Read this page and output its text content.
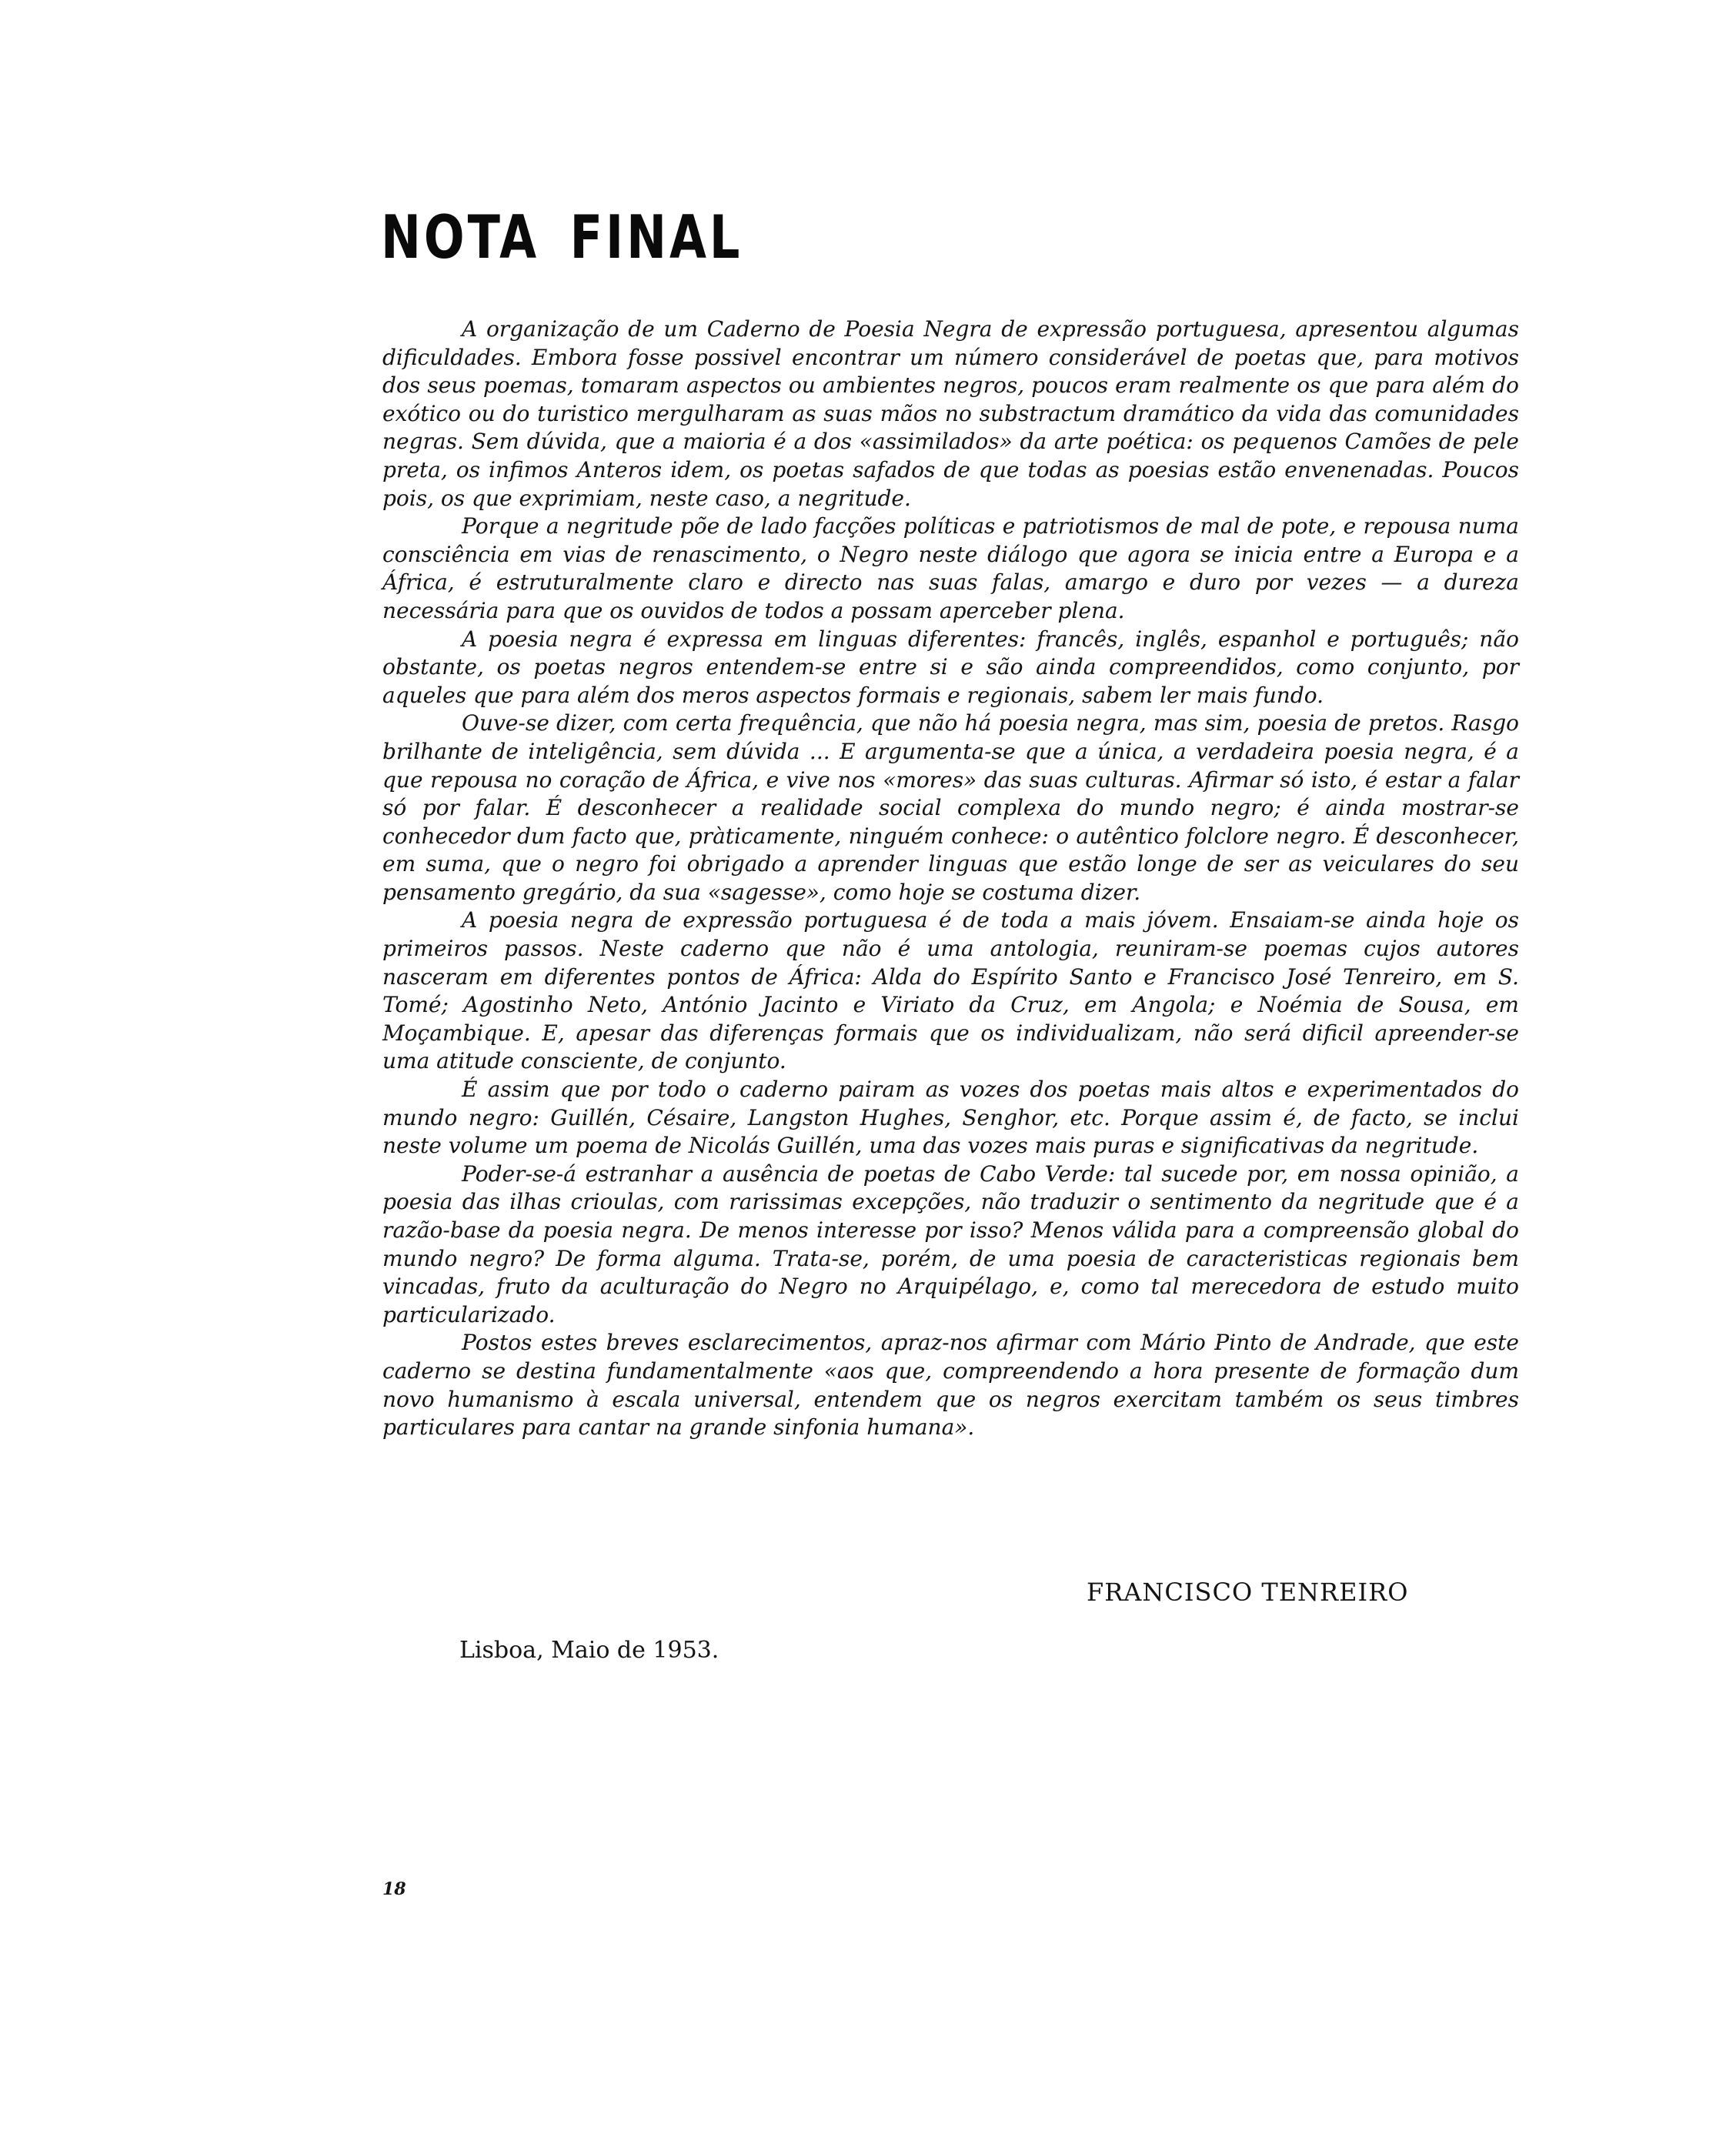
NOTA FINAL

A organização de um Caderno de Poesia Negra de expressão portuguesa, apresentou algumas dificuldades. Embora fosse possivel encontrar um número considerável de poetas que, para motivos dos seus poemas, tomaram aspectos ou ambientes negros, poucos eram realmente os que para além do exótico ou do turistico mergulharam as suas mãos no substractum dramático da vida das comunidades negras. Sem dúvida, que a maioria é a dos «assimilados» da arte poética: os pequenos Camões de pele preta, os infimos Anteros idem, os poetas safados de que todas as poesias estão envenenadas. Poucos pois, os que exprimiam, neste caso, a negritude.

Porque a negritude põe de lado facções políticas e patriotismos de mal de pote, e repousa numa consciência em vias de renascimento, o Negro neste diálogo que agora se inicia entre a Europa e a África, é estruturalmente claro e directo nas suas falas, amargo e duro por vezes — a dureza necessária para que os ouvidos de todos a possam aperceber plena.

A poesia negra é expressa em linguas diferentes: francês, inglês, espanhol e português; não obstante, os poetas negros entendem-se entre si e são ainda compreendidos, como conjunto, por aqueles que para além dos meros aspectos formais e regionais, sabem ler mais fundo.

Ouve-se dizer, com certa frequência, que não há poesia negra, mas sim, poesia de pretos. Rasgo brilhante de inteligência, sem dúvida ... E argumenta-se que a única, a verdadeira poesia negra, é a que repousa no coração de África, e vive nos «mores» das suas culturas. Afirmar só isto, é estar a falar só por falar. É desconhecer a realidade social complexa do mundo negro; é ainda mostrar-se conhecedor dum facto que, pràticamente, ninguém conhece: o autêntico folclore negro. É desconhecer, em suma, que o negro foi obrigado a aprender linguas que estão longe de ser as veiculares do seu pensamento gregário, da sua «sagesse», como hoje se costuma dizer.

A poesia negra de expressão portuguesa é de toda a mais jóvem. Ensaiam-se ainda hoje os primeiros passos. Neste caderno que não é uma antologia, reuniram-se poemas cujos autores nasceram em diferentes pontos de África: Alda do Espírito Santo e Francisco José Tenreiro, em S. Tomé; Agostinho Neto, António Jacinto e Viriato da Cruz, em Angola; e Noémia de Sousa, em Moçambique. E, apesar das diferenças formais que os individualizam, não será dificil apreender-se uma atitude consciente, de conjunto.

É assim que por todo o caderno pairam as vozes dos poetas mais altos e experimentados do mundo negro: Guillén, Césaire, Langston Hughes, Senghor, etc. Porque assim é, de facto, se inclui neste volume um poema de Nicolás Guillén, uma das vozes mais puras e significativas da negritude.

Poder-se-á estranhar a ausência de poetas de Cabo Verde: tal sucede por, em nossa opinião, a poesia das ilhas crioulas, com rarissimas excepções, não traduzir o sentimento da negritude que é a razão-base da poesia negra. De menos interesse por isso? Menos válida para a compreensão global do mundo negro? De forma alguma. Trata-se, porém, de uma poesia de caracteristicas regionais bem vincadas, fruto da aculturação do Negro no Arquipélago, e, como tal merecedora de estudo muito particularizado.

Postos estes breves esclarecimentos, apraz-nos afirmar com Mário Pinto de Andrade, que este caderno se destina fundamentalmente «aos que, compreendendo a hora presente de formação dum novo humanismo à escala universal, entendem que os negros exercitam também os seus timbres particulares para cantar na grande sinfonia humana».

FRANCISCO TENREIRO
Lisboa, Maio de 1953.
18
